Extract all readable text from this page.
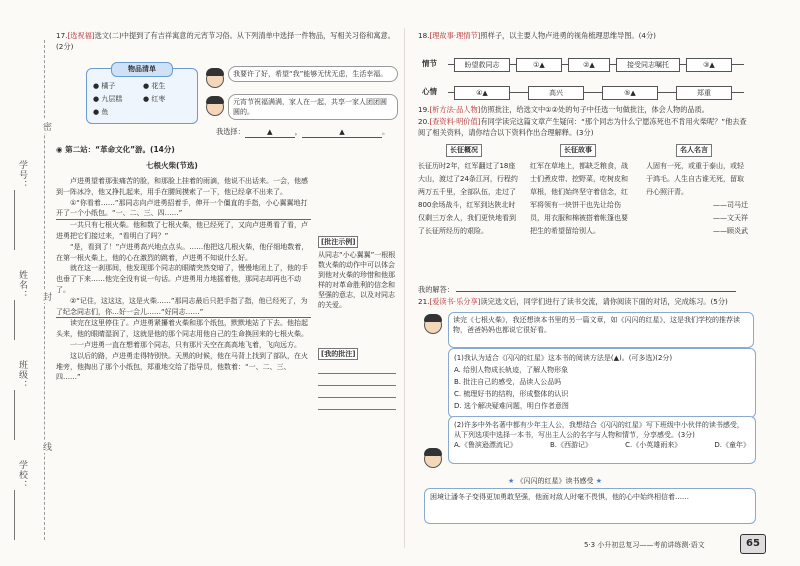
学号：
姓名：
班级：
学校：
密
封
线
17.[选祝福]选文(二)中提到了有吉祥寓意的元宵节习俗。从下列清单中选择一件物品，写相关习俗和寓意。(2分)
物品清单
● 橘子	● 花生
● 九层糕	● 红枣
● 鱼
我要许了好，希望“我”能够无忧无虑，生活幸福。
元宵节祝福满满，家人在一起，共享一家人团团圆圆的。
我选择：	▲	，	▲	。
◉ 第二站：“革命文化”游。(14分)
七根火柴(节选)

卢进勇望着那张痛苦的脸，和那脸上挂着的雨滴，他说不出话来。一会，他感到一阵冰冷，他又挣扎起来，用手在腰间摸索了一下，他已经拿不出来了。

①“你看着……”那同志向卢进勇招着手，伸开一个僵直的手指，小心翼翼地打开了一个小纸包。“一、二、三、四……”

一共只有七根火柴。他和数了七根火柴，他已经死了，又向卢进勇看了看，卢进勇把它们接过来，“看明白了吗？”

“是，看到了！”卢进勇高兴地点点头。……他把这几根火柴，他仔细地数着，在第一根火柴上，他的心在激烈的跳着，卢进勇不知说什么好。

就在这一刹那间，他发现那个同志的眼睛突然变暗了，慢慢地闭上了，他的手也垂了下来……他完全没有说一句话。卢进勇用力地摇着他，那同志却再也不动了。

②“记住，这这这，这是火柴……”那同志最后只把手指了指，他已经死了，为了纪念同志们，你…好一会儿……“好同志……”

读完在这里停住了。卢进勇紧攥着火柴和那个纸包，默默地站了下去。他抬起头来，他的眼睛湿润了，这就是他的那个同志用他自己的生命换回来的七根火柴。

一一卢进勇一直在想着那个同志，只有那片天空在高高地飞着，飞向远方。

这以后的路，卢进勇走得特别快。天黑的时候，他在马背上找到了部队，在火堆旁，他掏出了那个小纸包，郑重地交给了指导员，他数着：“一、二、三、四……”

[批注示例]
从同志“小心翼翼”一根根数火柴的动作中可以体会到他对火柴的珍惜和他那样的对革命胜利的信念和坚强的意志，以及对同志的关爱。
[我的批注]
18.[理故事·理情节]照样子，以主要人物卢进勇的视角梳理思维导图。(4分)
情节
心情
盼望救同志	①▲	②▲	接受同志嘱托	③▲
④▲	高兴	⑤▲	郑重
19.[析方法·品人物]仿照批注，给选文中①②处的句子中任选一句做批注，体会人物的品质。
20.[查资料·明价值]有同学读完这篇文章产生疑问：“那个同志为什么宁愿冻死也不肯用火柴呢？”他去查阅了相关资料，请你结合以下资料作出合理解释。(3分)
长征概况
长征历时2年，红军翻过了18座大山，渡过了24条江河，行程约两万五千里，全部队伍，走过了800余场战斗，红军到达陕北时仅剩三万余人，我们更快地看到了长征所经历的艰险。
长征故事
红军在草地上，都缺乏粮食，战士们煮皮带、挖野菜，吃树皮和草根，他们始终坚守着信念，红军将领有一块饼干也先让给伤员，用衣服和棉被搭着帐篷也要把生的希望留给别人。
名人名言
人固有一死，或重于泰山，或轻于鸿毛。人生自古谁无死，留取丹心照汗青。
——司马迁
——文天祥
——顾炎武
我的解答：
21.[爱读书·乐分享]读完选文后，同学们进行了读书交流，请你阅读下面的对话，完成练习。(5分)
读完《七根火柴》，我还想读本书里的另一篇文章，如《闪闪的红星》，这是我们学校的推荐读物，爸爸妈妈也都说它很好看。
(1)我认为适合《闪闪的红星》这本书的阅读方法是(▲)。(可多选)(2分)
A. 给别人物成长轨迹，了解人物形象
B. 批注自己的感受，品读人公品吗
C. 梳理好书的结构，形成整体的认识
D. 选个解决疑难问题，明白作者意图
(2)许多中外名著中都有少年主人公，我想结合《闪闪的红星》写下班级中小伙伴的读书感受，从下列选项中选择一本书，写出主人公的名字与人物和情节，分享感受。(3分)
A.《鲁滨逊漂流记》	B.《西游记》	C.《小英雄雨来》	D.《童年》
★ 《闪闪的红星》读书感受 ★
困境让潘冬子变得更加勇敢坚强，他面对敌人时毫不畏惧，他的心中始终相信着……
5·3 小升初总复习——考前讲练测·语文	65
